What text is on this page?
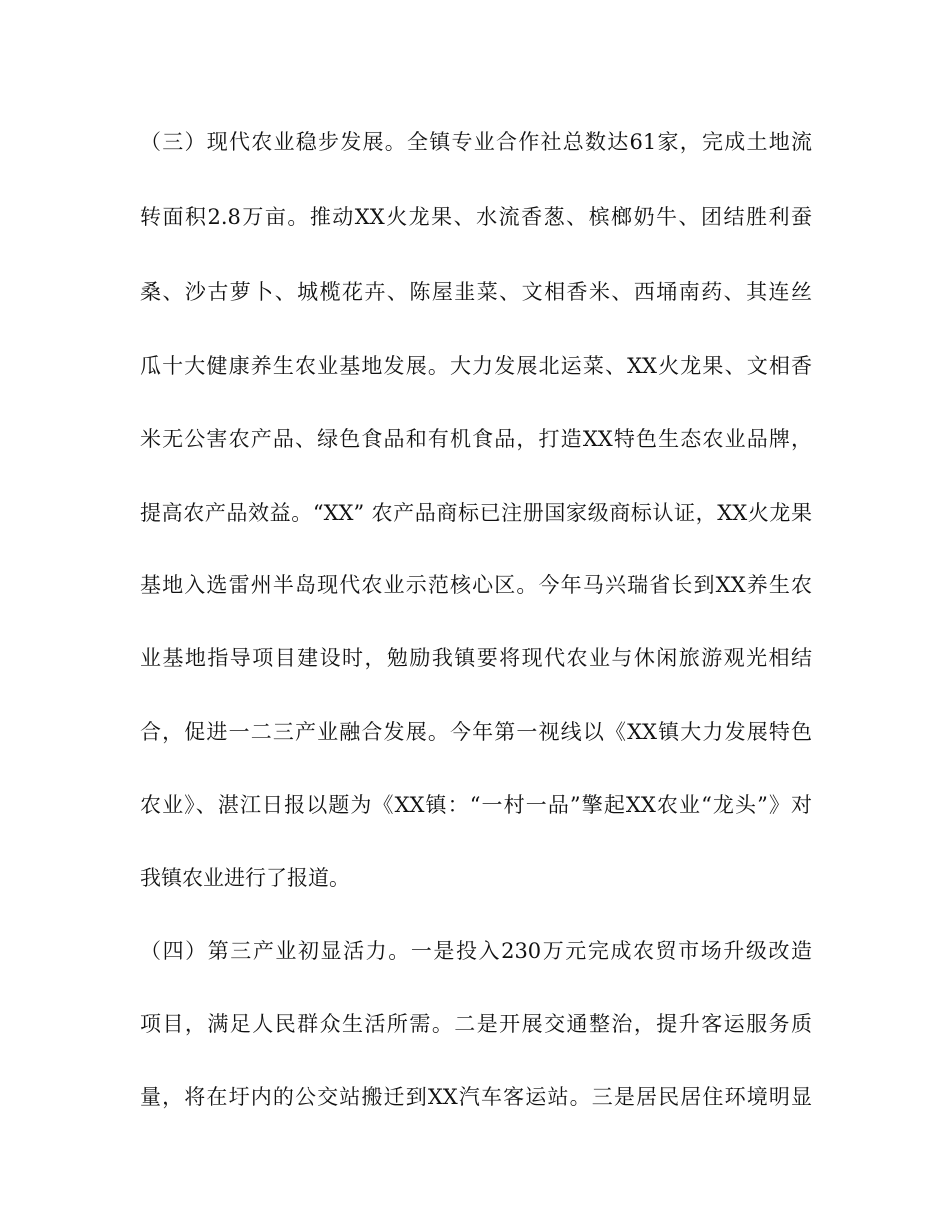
（三）现代农业稳步发展。全镇专业合作社总数达61家，完成土地流
转面积2.8万亩。推动XX火龙果、水流香葱、槟榔奶牛、团结胜利蚕
桑、沙古萝卜、城榄花卉、陈屋韭菜、文相香米、西埇南药、其连丝
瓜十大健康养生农业基地发展。大力发展北运菜、XX火龙果、文相香
米无公害农产品、绿色食品和有机食品，打造XX特色生态农业品牌，
提高农产品效益。“XX” 农产品商标已注册国家级商标认证，XX火龙果
基地入选雷州半岛现代农业示范核心区。今年马兴瑞省长到XX养生农
业基地指导项目建设时，勉励我镇要将现代农业与休闲旅游观光相结
合，促进一二三产业融合发展。今年第一视线以《XX镇大力发展特色
农业》、湛江日报以题为《XX镇：“一村一品”擎起XX农业“龙头”》对
我镇农业进行了报道。
（四）第三产业初显活力。一是投入230万元完成农贸市场升级改造
项目，满足人民群众生活所需。二是开展交通整治，提升客运服务质
量，将在圩内的公交站搬迁到XX汽车客运站。三是居民居住环境明显
